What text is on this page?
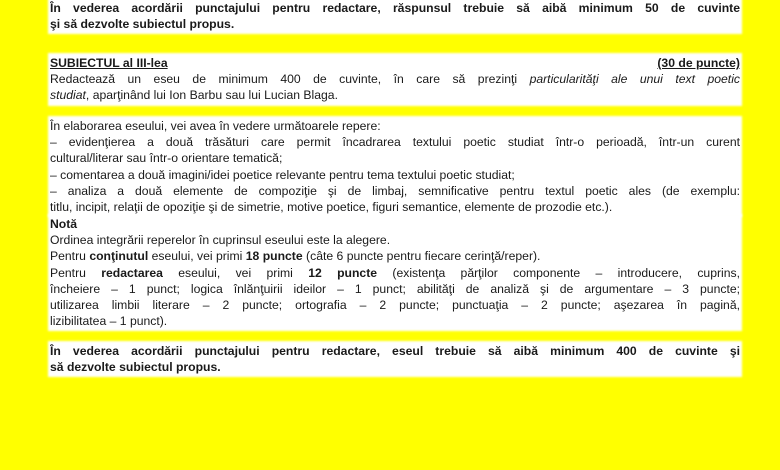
În vederea acordării punctajului pentru redactare, răspunsul trebuie să aibă minimum 50 de cuvinte
şi să dezvolte subiectul propus.
SUBIECTUL al III-lea	(30 de puncte)
Redactează un eseu de minimum 400 de cuvinte, în care să prezinţi particularităţi ale unui text poetic
studiat, aparţinând lui Ion Barbu sau lui Lucian Blaga.
În elaborarea eseului, vei avea în vedere următoarele repere:
– evidenţierea a două trăsături care permit încadrarea textului poetic studiat într-o perioadă, într-un curent
cultural/literar sau într-o orientare tematică;
– comentarea a două imagini/idei poetice relevante pentru tema textului poetic studiat;
– analiza a două elemente de compoziţie şi de limbaj, semnificative pentru textul poetic ales (de exemplu:
titlu, incipit, relaţii de opoziţie şi de simetrie, motive poetice, figuri semantice, elemente de prozodie etc.).
Notă
Ordinea integrării reperelor în cuprinsul eseului este la alegere.
Pentru conţinutul eseului, vei primi 18 puncte (câte 6 puncte pentru fiecare cerinţă/reper).
Pentru redactarea eseului, vei primi 12 puncte (existenţa părţilor componente – introducere, cuprins,
încheiere – 1 punct; logica înlănţuirii ideilor – 1 punct; abilităţi de analiză şi de argumentare – 3 puncte;
utilizarea limbii literare – 2 puncte; ortografia – 2 puncte; punctuaţia – 2 puncte; aşezarea în pagină,
lizibilitatea – 1 punct).
În vederea acordării punctajului pentru redactare, eseul trebuie să aibă minimum 400 de cuvinte şi
să dezvolte subiectul propus.
